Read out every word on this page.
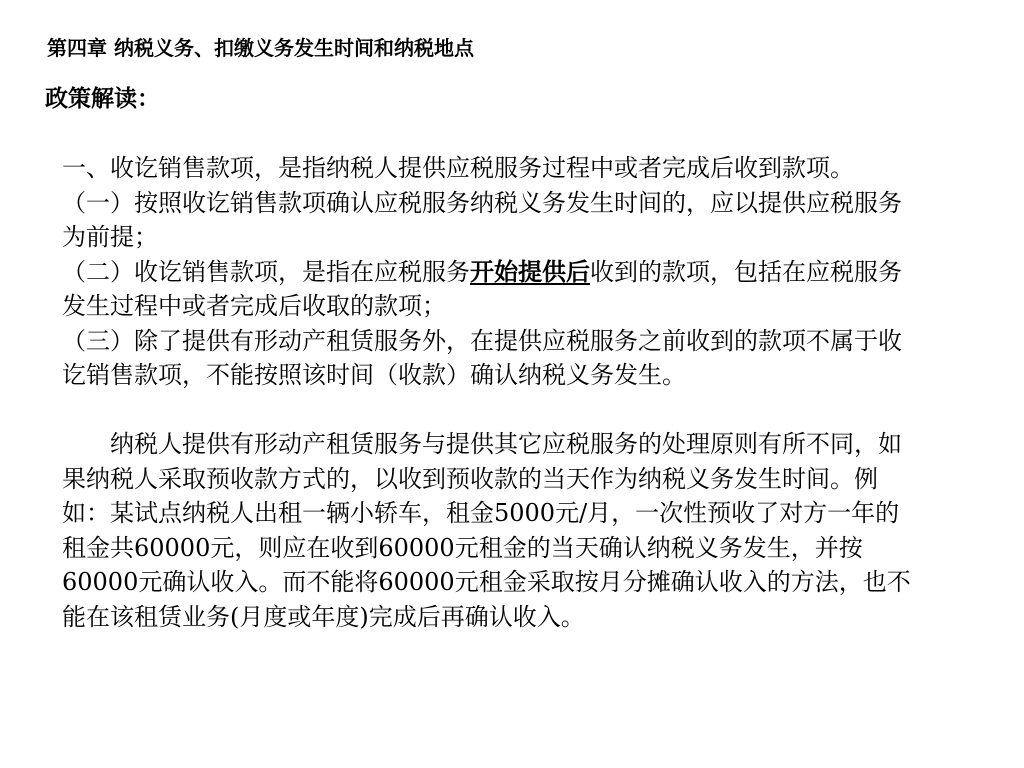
第四章 纳税义务、扣缴义务发生时间和纳税地点
政策解读：

一、收讫销售款项，是指纳税人提供应税服务过程中或者完成后收到款项。

（一）按照收讫销售款项确认应税服务纳税义务发生时间的，应以提供应税服务为前提；

（二）收讫销售款项，是指在应税服务开始提供后收到的款项，包括在应税服务发生过程中或者完成后收取的款项；

（三）除了提供有形动产租赁服务外，在提供应税服务之前收到的款项不属于收讫销售款项，不能按照该时间（收款）确认纳税义务发生。

纳税人提供有形动产租赁服务与提供其它应税服务的处理原则有所不同，如果纳税人采取预收款方式的，以收到预收款的当天作为纳税义务发生时间。例如：某试点纳税人出租一辆小轿车，租金5000元/月，一次性预收了对方一年的租金共60000元，则应在收到60000元租金的当天确认纳税义务发生，并按60000元确认收入。而不能将60000元租金采取按月分摊确认收入的方法，也不能在该租赁业务(月度或年度)完成后再确认收入。
